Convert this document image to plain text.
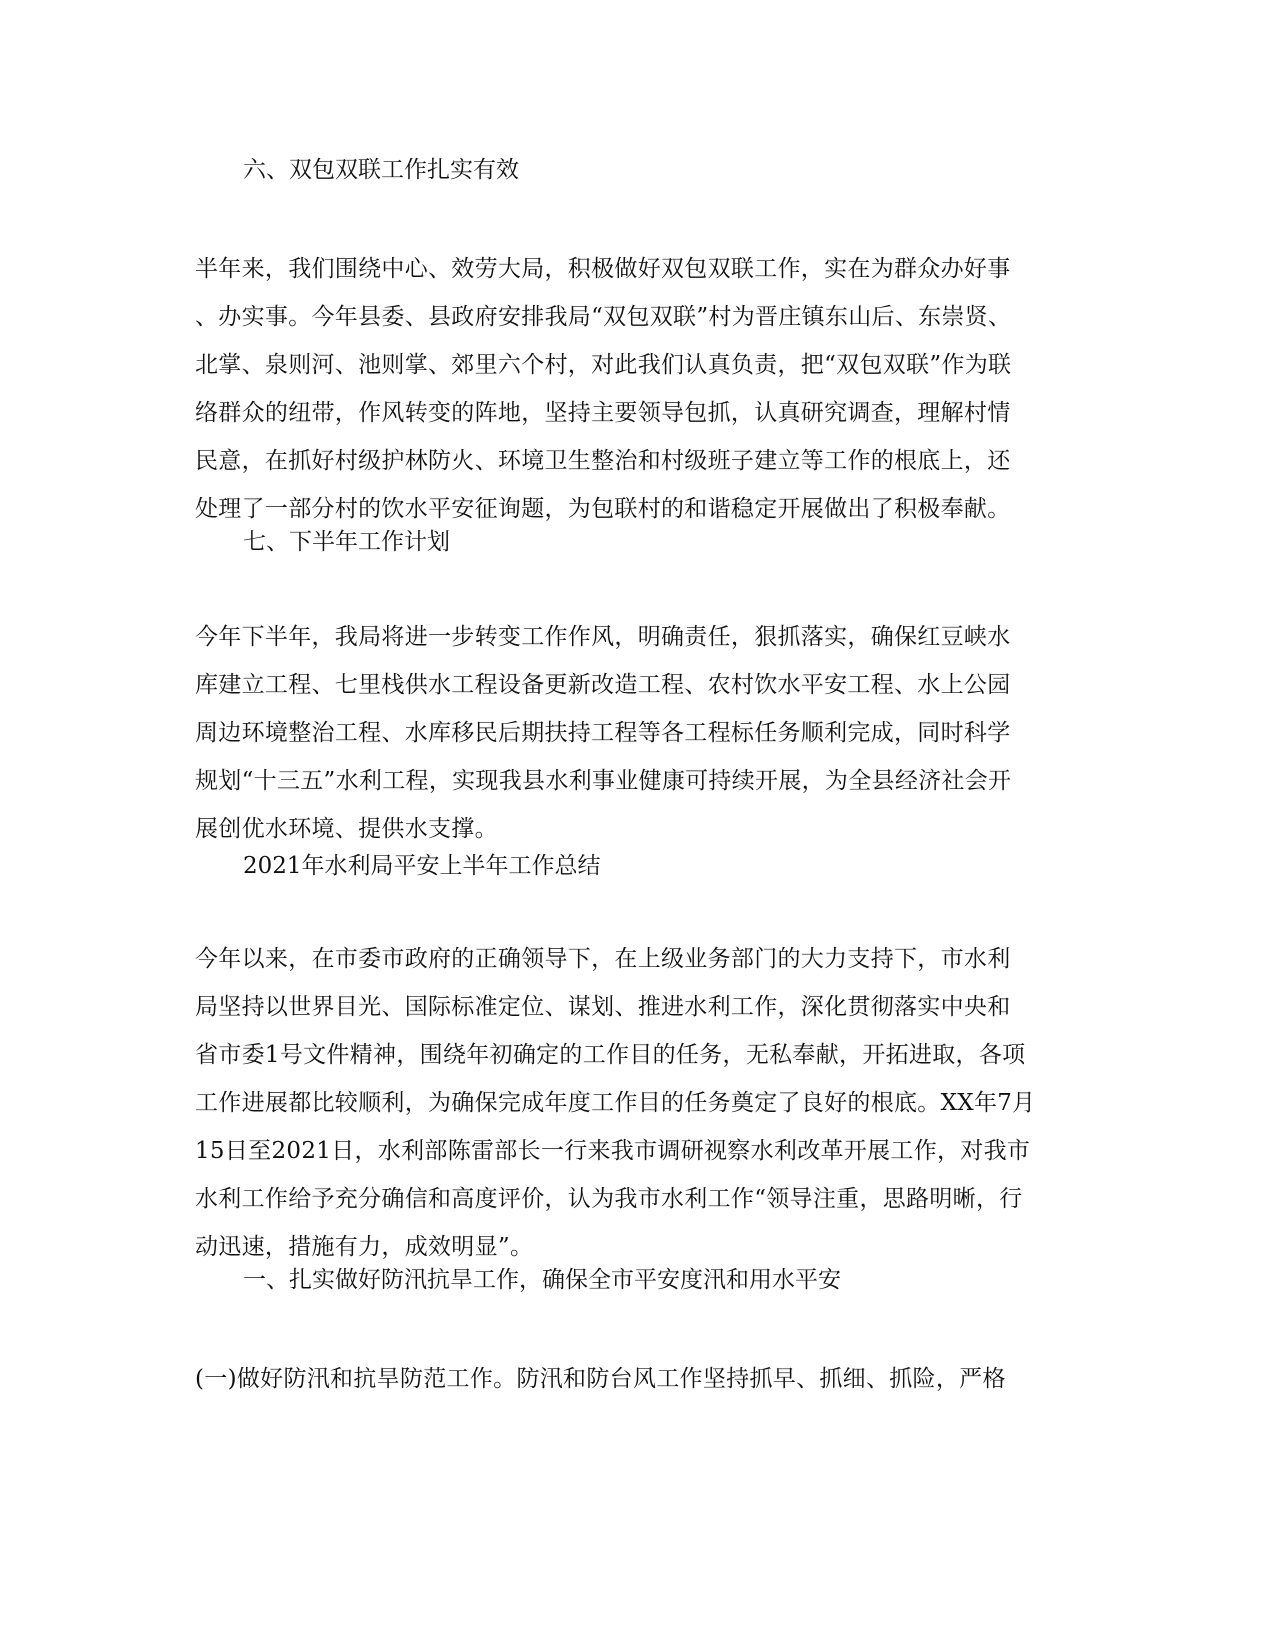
六、双包双联工作扎实有效
半年来，我们围绕中心、效劳大局，积极做好双包双联工作，实在为群众办好事
、办实事。今年县委、县政府安排我局“双包双联”村为晋庄镇东山后、东崇贤、
北掌、泉则河、池则掌、郊里六个村，对此我们认真负责，把“双包双联”作为联
络群众的纽带，作风转变的阵地，坚持主要领导包抓，认真研究调查，理解村情
民意，在抓好村级护林防火、环境卫生整治和村级班子建立等工作的根底上，还
处理了一部分村的饮水平安征询题，为包联村的和谐稳定开展做出了积极奉献。
七、下半年工作计划
今年下半年，我局将进一步转变工作作风，明确责任，狠抓落实，确保红豆峡水
库建立工程、七里栈供水工程设备更新改造工程、农村饮水平安工程、水上公园
周边环境整治工程、水库移民后期扶持工程等各工程标任务顺利完成，同时科学
规划“十三五”水利工程，实现我县水利事业健康可持续开展，为全县经济社会开
展创优水环境、提供水支撑。
2021年水利局平安上半年工作总结
今年以来，在市委市政府的正确领导下，在上级业务部门的大力支持下，市水利
局坚持以世界目光、国际标准定位、谋划、推进水利工作，深化贯彻落实中央和
省市委1号文件精神，围绕年初确定的工作目的任务，无私奉献，开拓进取，各项
工作进展都比较顺利，为确保完成年度工作目的任务奠定了良好的根底。XX年7月
15日至2021日，水利部陈雷部长一行来我市调研视察水利改革开展工作，对我市
水利工作给予充分确信和高度评价，认为我市水利工作“领导注重，思路明晰，行
动迅速，措施有力，成效明显”。
一、扎实做好防汛抗旱工作，确保全市平安度汛和用水平安
(一)做好防汛和抗旱防范工作。防汛和防台风工作坚持抓早、抓细、抓险，严格
